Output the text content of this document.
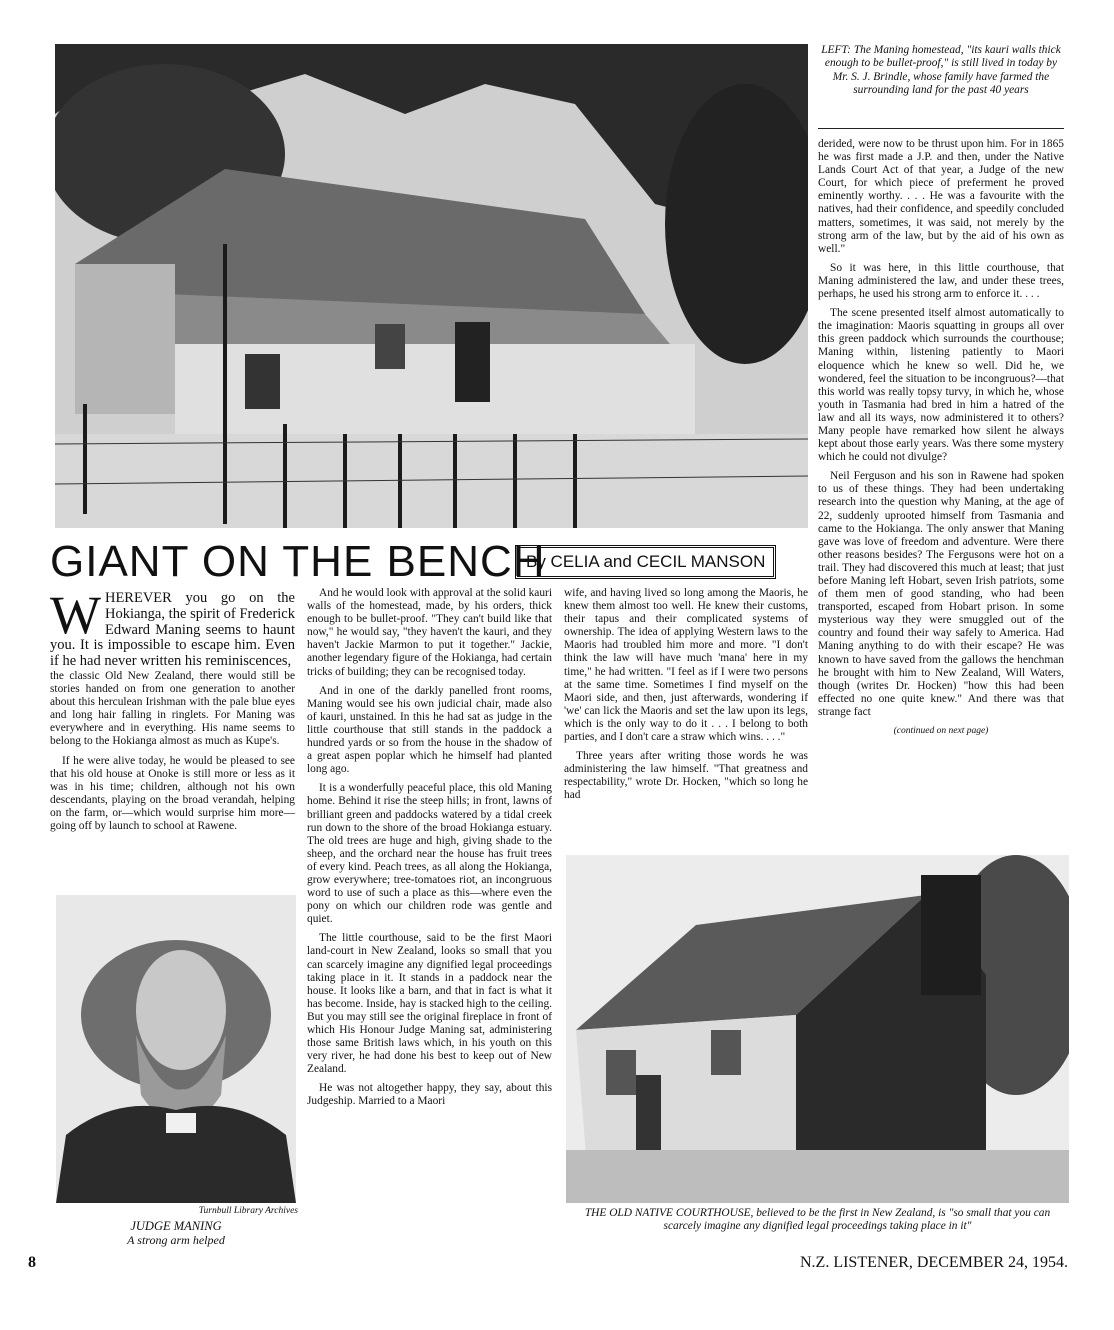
LEFT: The Maning homestead, "its kauri walls thick enough to be bullet-proof," is still lived in today by Mr. S. J. Brindle, whose family have farmed the surrounding land for the past 40 years

derided, were now to be thrust upon him. For in 1865 he was first made a J.P. and then, under the Native Lands Court Act of that year, a Judge of the new Court, for which piece of preferment he proved eminently worthy. . . . He was a favourite with the natives, had their confidence, and speedily concluded matters, sometimes, it was said, not merely by the strong arm of the law, but by the aid of his own as well."

So it was here, in this little courthouse, that Maning administered the law, and under these trees, perhaps, he used his strong arm to enforce it. . . .

The scene presented itself almost automatically to the imagination: Maoris squatting in groups all over this green paddock which surrounds the courthouse; Maning within, listening patiently to Maori eloquence which he knew so well. Did he, we wondered, feel the situation to be incongruous?—that this world was really topsy turvy, in which he, whose youth in Tasmania had bred in him a hatred of the law and all its ways, now administered it to others? Many people have remarked how silent he always kept about those early years. Was there some mystery which he could not divulge?

Neil Ferguson and his son in Rawene had spoken to us of these things. They had been undertaking research into the question why Maning, at the age of 22, suddenly uprooted himself from Tasmania and came to the Hokianga. The only answer that Maning gave was love of freedom and adventure. Were there other reasons besides? The Fergusons were hot on a trail. They had discovered this much at least; that just before Maning left Hobart, seven Irish patriots, some of them men of good standing, who had been transported, escaped from Hobart prison. In some mysterious way they were smuggled out of the country and found their way safely to America. Had Maning anything to do with their escape? He was known to have saved from the gallows the henchman he brought with him to New Zealand, Will Waters, though (writes Dr. Hocken) "how this had been effected no one quite knew." And there was that strange fact

(continued on next page)
GIANT ON THE BENCH
By CELIA and CECIL MANSON

W HEREVER you go on the Hokianga, the spirit of Frederick Edward Maning seems to haunt you. It is impossible to escape him. Even if he had never written his reminiscences,

the classic Old New Zealand, there would still be stories handed on from one generation to another about this herculean Irishman with the pale blue eyes and long hair falling in ringlets. For Maning was everywhere and in everything. His name seems to belong to the Hokianga almost as much as Kupe's.

If he were alive today, he would be pleased to see that his old house at Onoke is still more or less as it was in his time; children, although not his own descendants, playing on the broad verandah, helping on the farm, or—which would surprise him more—going off by launch to school at Rawene.

Turnbull Library Archives
JUDGE MANING
A strong arm helped

And he would look with approval at the solid kauri walls of the homestead, made, by his orders, thick enough to be bullet-proof. "They can't build like that now," he would say, "they haven't the kauri, and they haven't Jackie Marmon to put it together." Jackie, another legendary figure of the Hokianga, had certain tricks of building; they can be recognised today.

And in one of the darkly panelled front rooms, Maning would see his own judicial chair, made also of kauri, unstained. In this he had sat as judge in the little courthouse that still stands in the paddock a hundred yards or so from the house in the shadow of a great aspen poplar which he himself had planted long ago.

It is a wonderfully peaceful place, this old Maning home. Behind it rise the steep hills; in front, lawns of brilliant green and paddocks watered by a tidal creek run down to the shore of the broad Hokianga estuary. The old trees are huge and high, giving shade to the sheep, and the orchard near the house has fruit trees of every kind. Peach trees, as all along the Hokianga, grow everywhere; tree-tomatoes riot, an incongruous word to use of such a place as this—where even the pony on which our children rode was gentle and quiet.

The little courthouse, said to be the first Maori land-court in New Zealand, looks so small that you can scarcely imagine any dignified legal proceedings taking place in it. It stands in a paddock near the house. It looks like a barn, and that in fact is what it has become. Inside, hay is stacked high to the ceiling. But you may still see the original fireplace in front of which His Honour Judge Maning sat, administering those same British laws which, in his youth on this very river, he had done his best to keep out of New Zealand.

He was not altogether happy, they say, about this Judgeship. Married to a Maori

wife, and having lived so long among the Maoris, he knew them almost too well. He knew their customs, their tapus and their complicated systems of ownership. The idea of applying Western laws to the Maoris had troubled him more and more. "I don't think the law will have much 'mana' here in my time," he had written. "I feel as if I were two persons at the same time. Sometimes I find myself on the Maori side, and then, just afterwards, wondering if 'we' can lick the Maoris and set the law upon its legs, which is the only way to do it . . . I belong to both parties, and I don't care a straw which wins. . . ."

Three years after writing those words he was administering the law himself. "That greatness and respectability," wrote Dr. Hocken, "which so long he had

THE OLD NATIVE COURTHOUSE, believed to be the first in New Zealand, is "so small that you can scarcely imagine any dignified legal proceedings taking place in it"
8	N.Z. LISTENER, DECEMBER 24, 1954.
